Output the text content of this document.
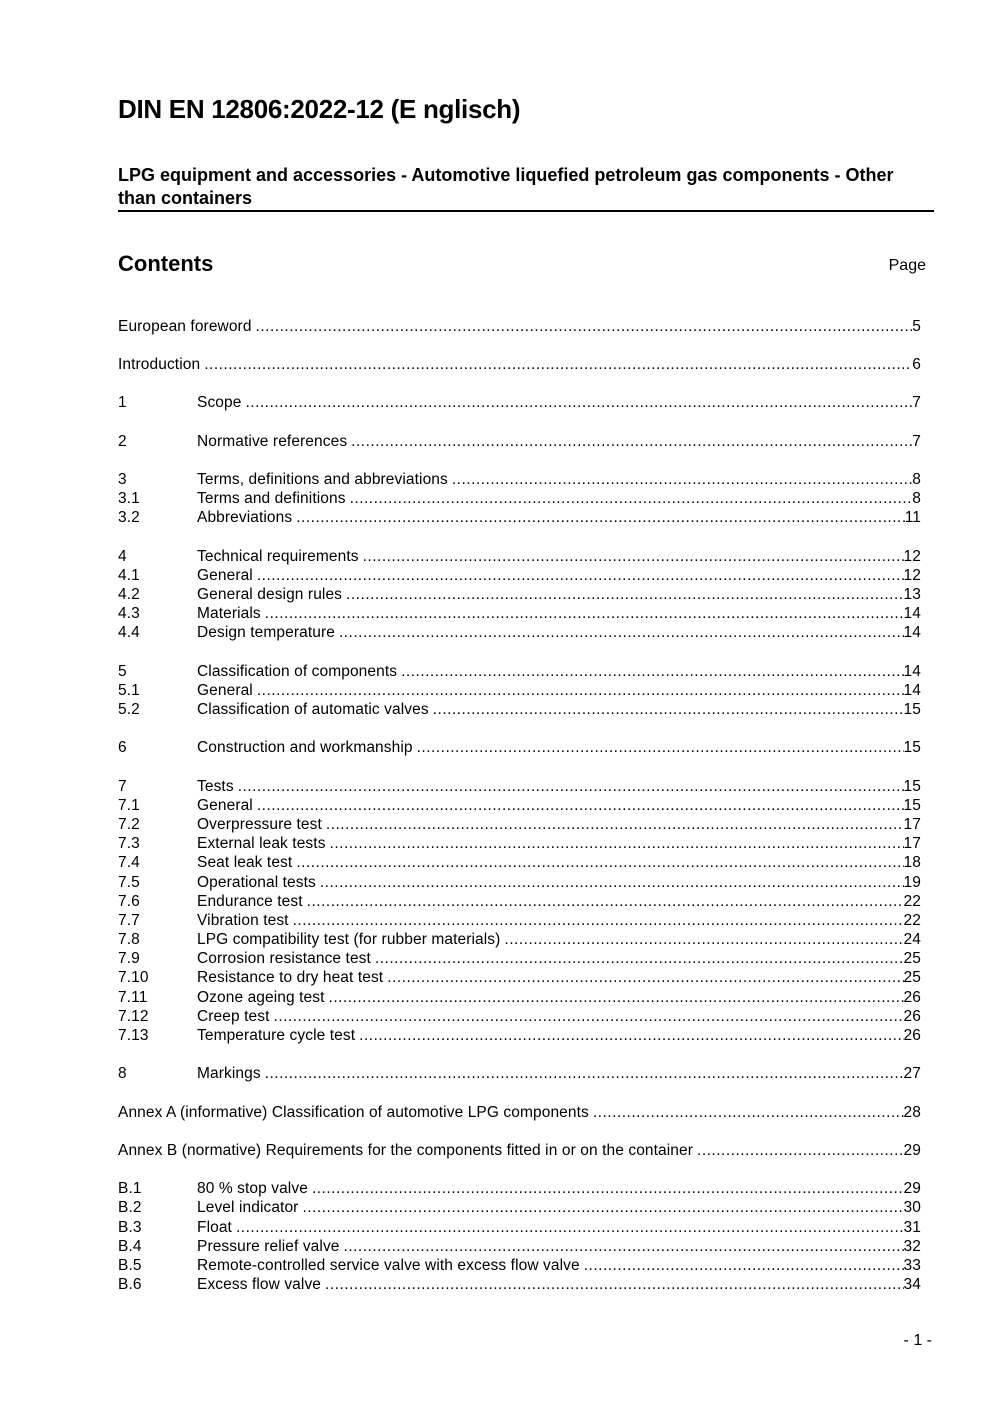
DIN EN 12806:2022-12 (E nglisch)
LPG equipment and accessories - Automotive liquefied petroleum gas components - Other than containers
Contents	Page
European foreword .....	5
Introduction .....	6
1	Scope .....	7
2	Normative references .....	7
3	Terms, definitions and abbreviations .....	8
3.1	Terms and definitions .....	8
3.2	Abbreviations .....	11
4	Technical requirements .....	12
4.1	General .....	12
4.2	General design rules .....	13
4.3	Materials .....	14
4.4	Design temperature .....	14
5	Classification of components .....	14
5.1	General .....	14
5.2	Classification of automatic valves .....	15
6	Construction and workmanship .....	15
7	Tests .....	15
7.1	General .....	15
7.2	Overpressure test .....	17
7.3	External leak tests .....	17
7.4	Seat leak test .....	18
7.5	Operational tests .....	19
7.6	Endurance test .....	22
7.7	Vibration test .....	22
7.8	LPG compatibility test (for rubber materials) .....	24
7.9	Corrosion resistance test .....	25
7.10	Resistance to dry heat test .....	25
7.11	Ozone ageing test .....	26
7.12	Creep test .....	26
7.13	Temperature cycle test .....	26
8	Markings .....	27
Annex A (informative) Classification of automotive LPG components .....	28
Annex B (normative) Requirements for the components fitted in or on the container .....	29
B.1	80 % stop valve .....	29
B.2	Level indicator .....	30
B.3	Float .....	31
B.4	Pressure relief valve .....	32
B.5	Remote-controlled service valve with excess flow valve .....	33
B.6	Excess flow valve .....	34
- 1 -
